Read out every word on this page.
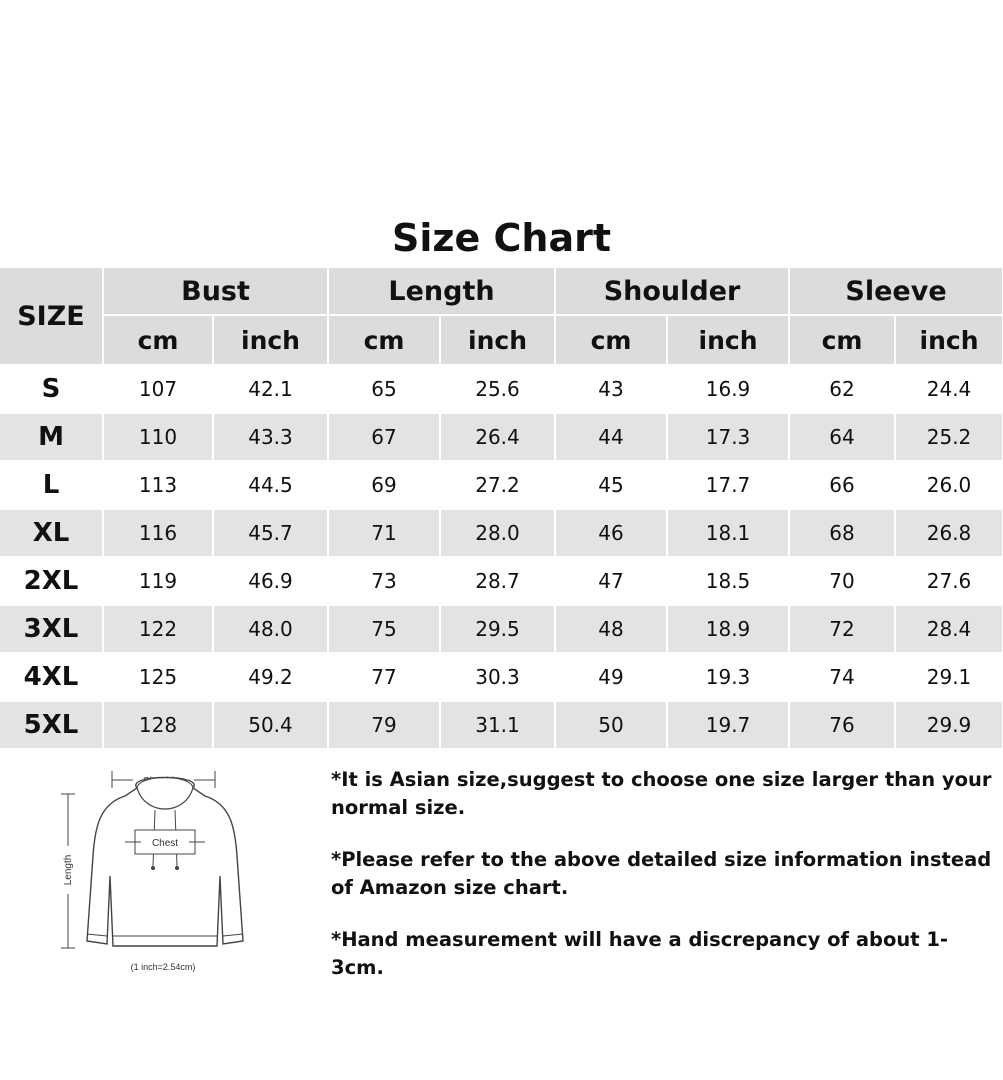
Size Chart
SIZE	Bust		Length		Shoulder		Sleeve	
	cm	inch	cm	inch	cm	inch	cm	inch
S	107	42.1	65	25.6	43	16.9	62	24.4
M	110	43.3	67	26.4	44	17.3	64	25.2
L	113	44.5	69	27.2	45	17.7	66	26.0
XL	116	45.7	71	28.0	46	18.1	68	26.8
2XL	119	46.9	73	28.7	47	18.5	70	27.6
3XL	122	48.0	75	29.5	48	18.9	72	28.4
4XL	125	49.2	77	30.3	49	19.3	74	29.1
5XL	128	50.4	79	31.1	50	19.7	76	29.9
Length
Chest
(1 inch=2.54cm)

*It is Asian size,suggest to choose one size larger than your normal size.

*Please refer to the above detailed size information instead of Amazon size chart.

*Hand measurement will have a discrepancy of about 1-3cm.
